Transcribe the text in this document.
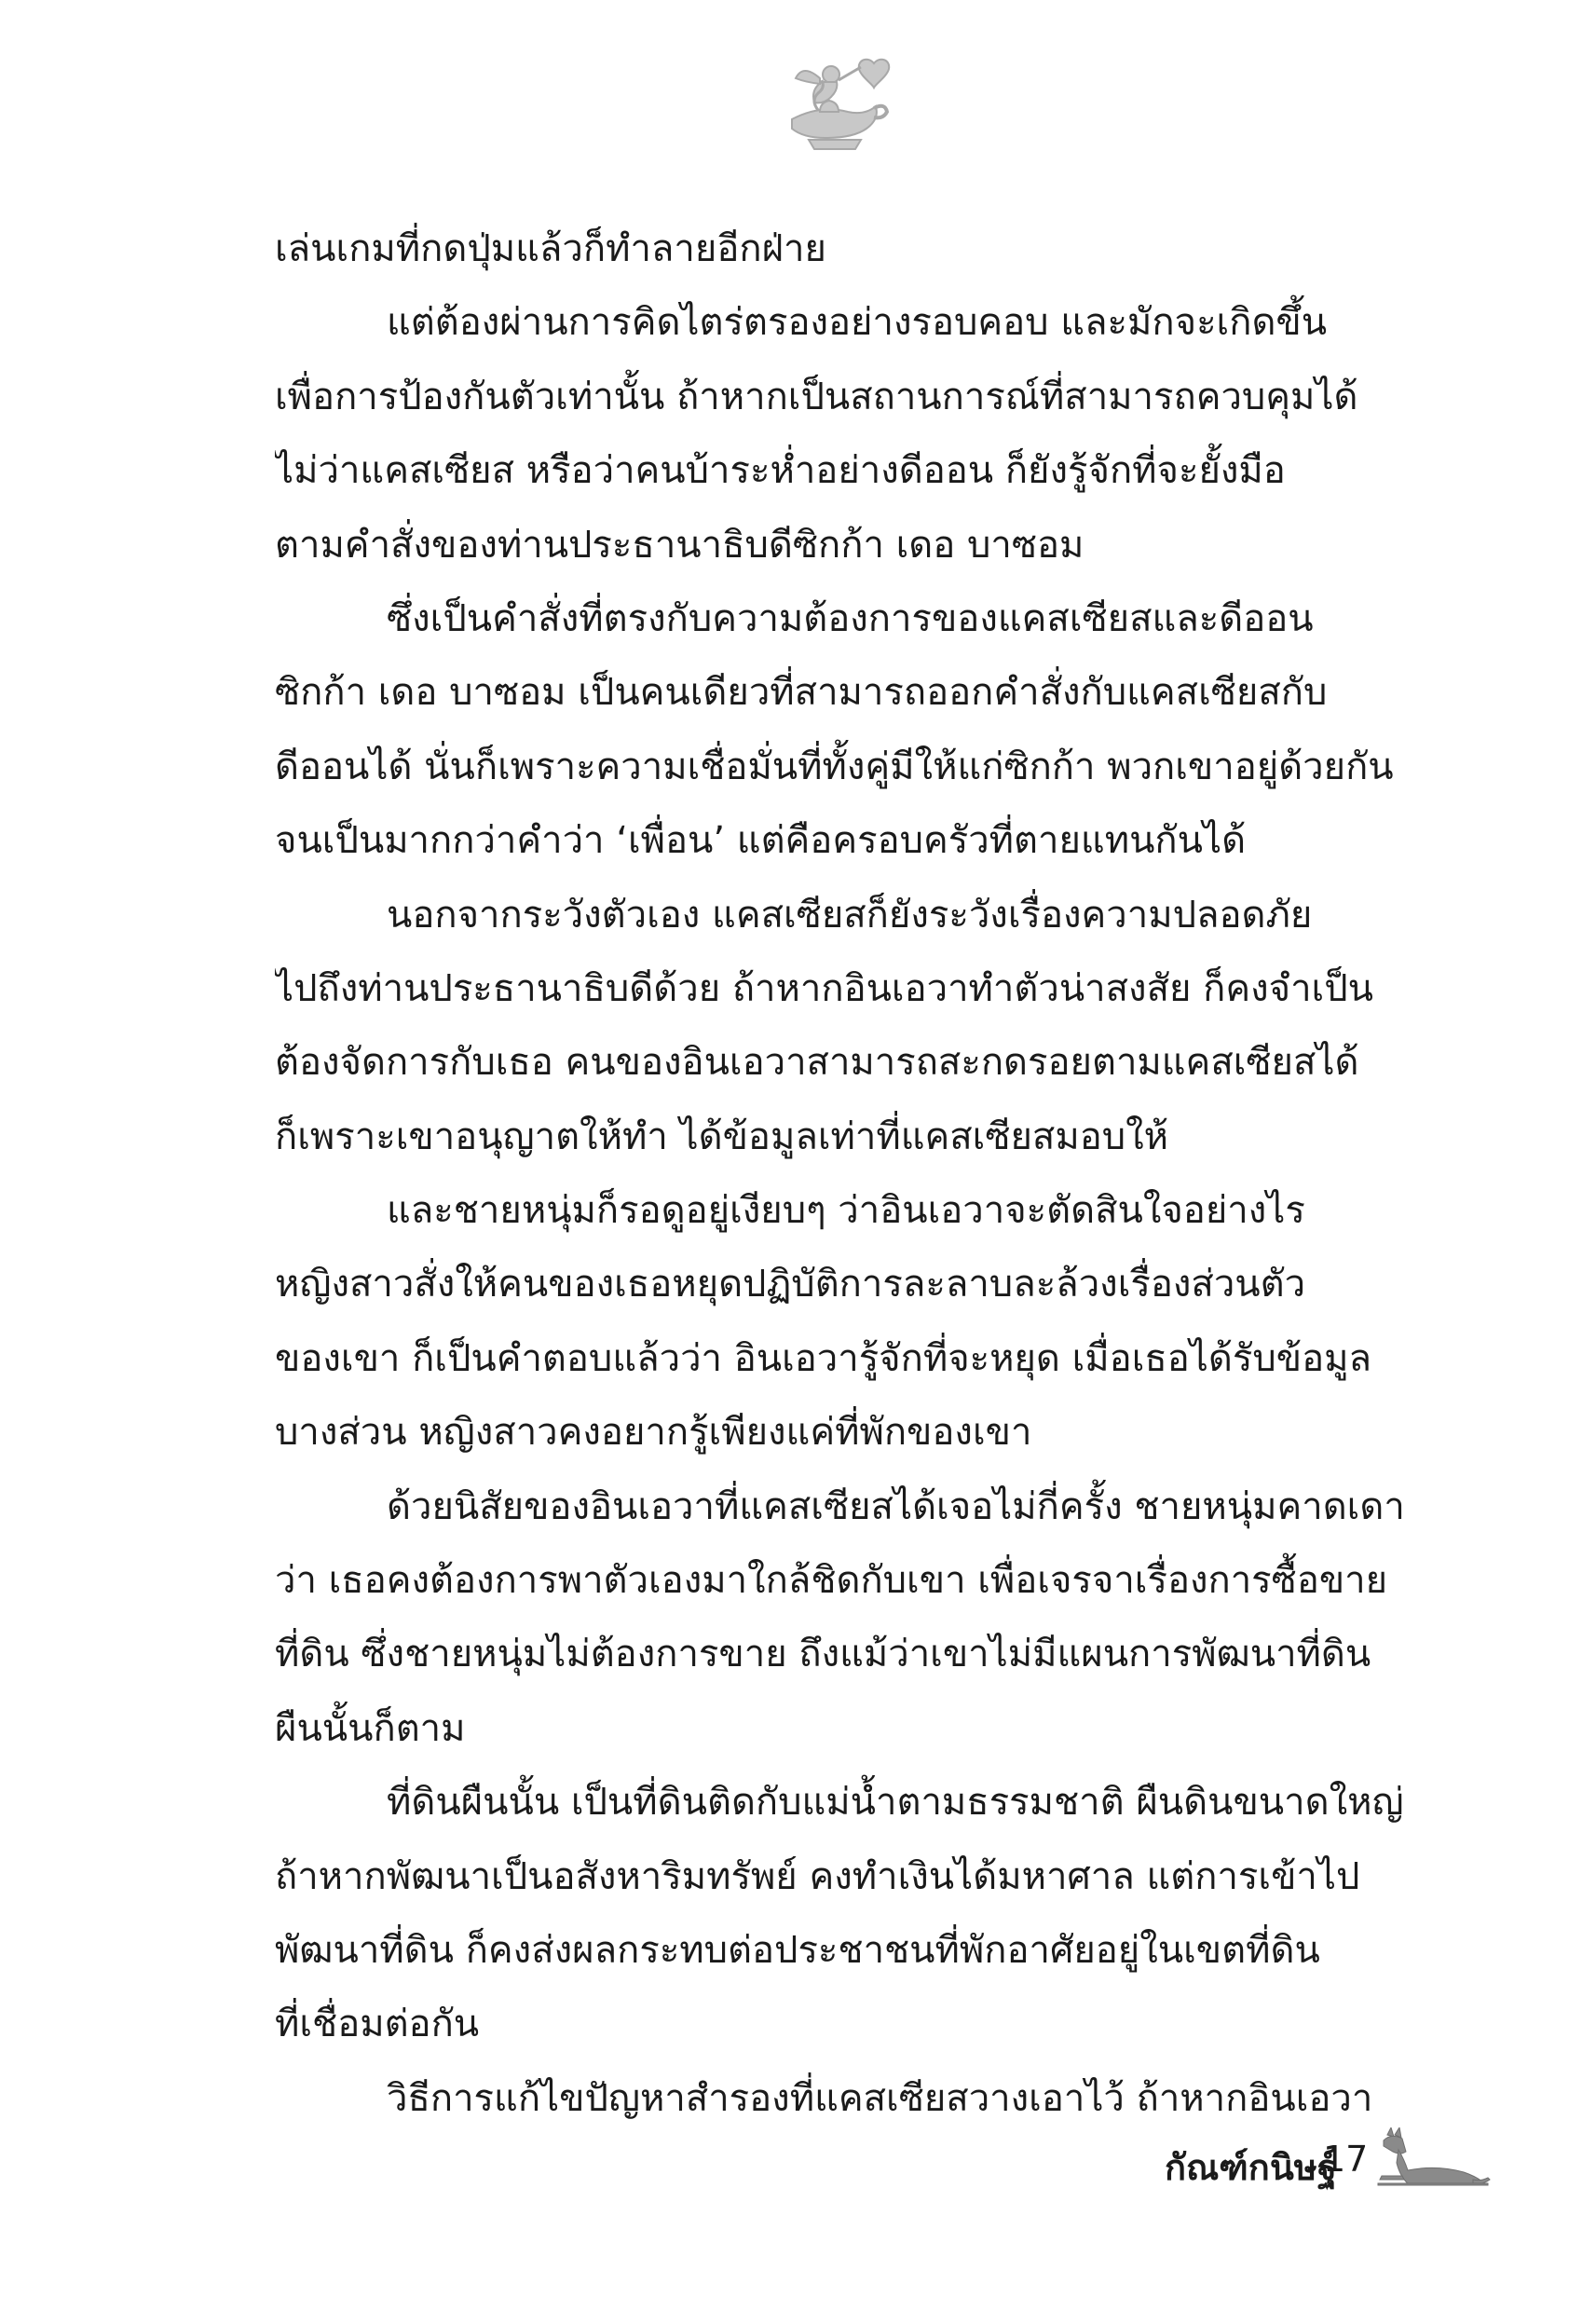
เล่นเกมที่กดปุ่มแล้วก็ทำลายอีกฝ่าย
แต่ต้องผ่านการคิดไตร่ตรองอย่างรอบคอบ และมักจะเกิดขึ้น
เพื่อการป้องกันตัวเท่านั้น ถ้าหากเป็นสถานการณ์ที่สามารถควบคุมได้
ไม่ว่าแคสเซียส หรือว่าคนบ้าระห่ำอย่างดีออน ก็ยังรู้จักที่จะยั้งมือ
ตามคำสั่งของท่านประธานาธิบดีซิกก้า เดอ บาซอม
ซึ่งเป็นคำสั่งที่ตรงกับความต้องการของแคสเซียสและดีออน
ซิกก้า เดอ บาซอม เป็นคนเดียวที่สามารถออกคำสั่งกับแคสเซียสกับ
ดีออนได้ นั่นก็เพราะความเชื่อมั่นที่ทั้งคู่มีให้แก่ซิกก้า พวกเขาอยู่ด้วยกัน
จนเป็นมากกว่าคำว่า ‘เพื่อน’ แต่คือครอบครัวที่ตายแทนกันได้
นอกจากระวังตัวเอง แคสเซียสก็ยังระวังเรื่องความปลอดภัย
ไปถึงท่านประธานาธิบดีด้วย ถ้าหากอินเอวาทำตัวน่าสงสัย ก็คงจำเป็น
ต้องจัดการกับเธอ คนของอินเอวาสามารถสะกดรอยตามแคสเซียสได้
ก็เพราะเขาอนุญาตให้ทำ ได้ข้อมูลเท่าที่แคสเซียสมอบให้
และชายหนุ่มก็รอดูอยู่เงียบๆ ว่าอินเอวาจะตัดสินใจอย่างไร
หญิงสาวสั่งให้คนของเธอหยุดปฏิบัติการละลาบละล้วงเรื่องส่วนตัว
ของเขา ก็เป็นคำตอบแล้วว่า อินเอวารู้จักที่จะหยุด เมื่อเธอได้รับข้อมูล
บางส่วน หญิงสาวคงอยากรู้เพียงแค่ที่พักของเขา
ด้วยนิสัยของอินเอวาที่แคสเซียสได้เจอไม่กี่ครั้ง ชายหนุ่มคาดเดา
ว่า เธอคงต้องการพาตัวเองมาใกล้ชิดกับเขา เพื่อเจรจาเรื่องการซื้อขาย
ที่ดิน ซึ่งชายหนุ่มไม่ต้องการขาย ถึงแม้ว่าเขาไม่มีแผนการพัฒนาที่ดิน
ผืนนั้นก็ตาม
ที่ดินผืนนั้น เป็นที่ดินติดกับแม่น้ำตามธรรมชาติ ผืนดินขนาดใหญ่
ถ้าหากพัฒนาเป็นอสังหาริมทรัพย์ คงทำเงินได้มหาศาล แต่การเข้าไป
พัฒนาที่ดิน ก็คงส่งผลกระทบต่อประชาชนที่พักอาศัยอยู่ในเขตที่ดิน
ที่เชื่อมต่อกัน
วิธีการแก้ไขปัญหาสำรองที่แคสเซียสวางเอาไว้ ถ้าหากอินเอวา
กัณฑ์กนิษฐ์
17
